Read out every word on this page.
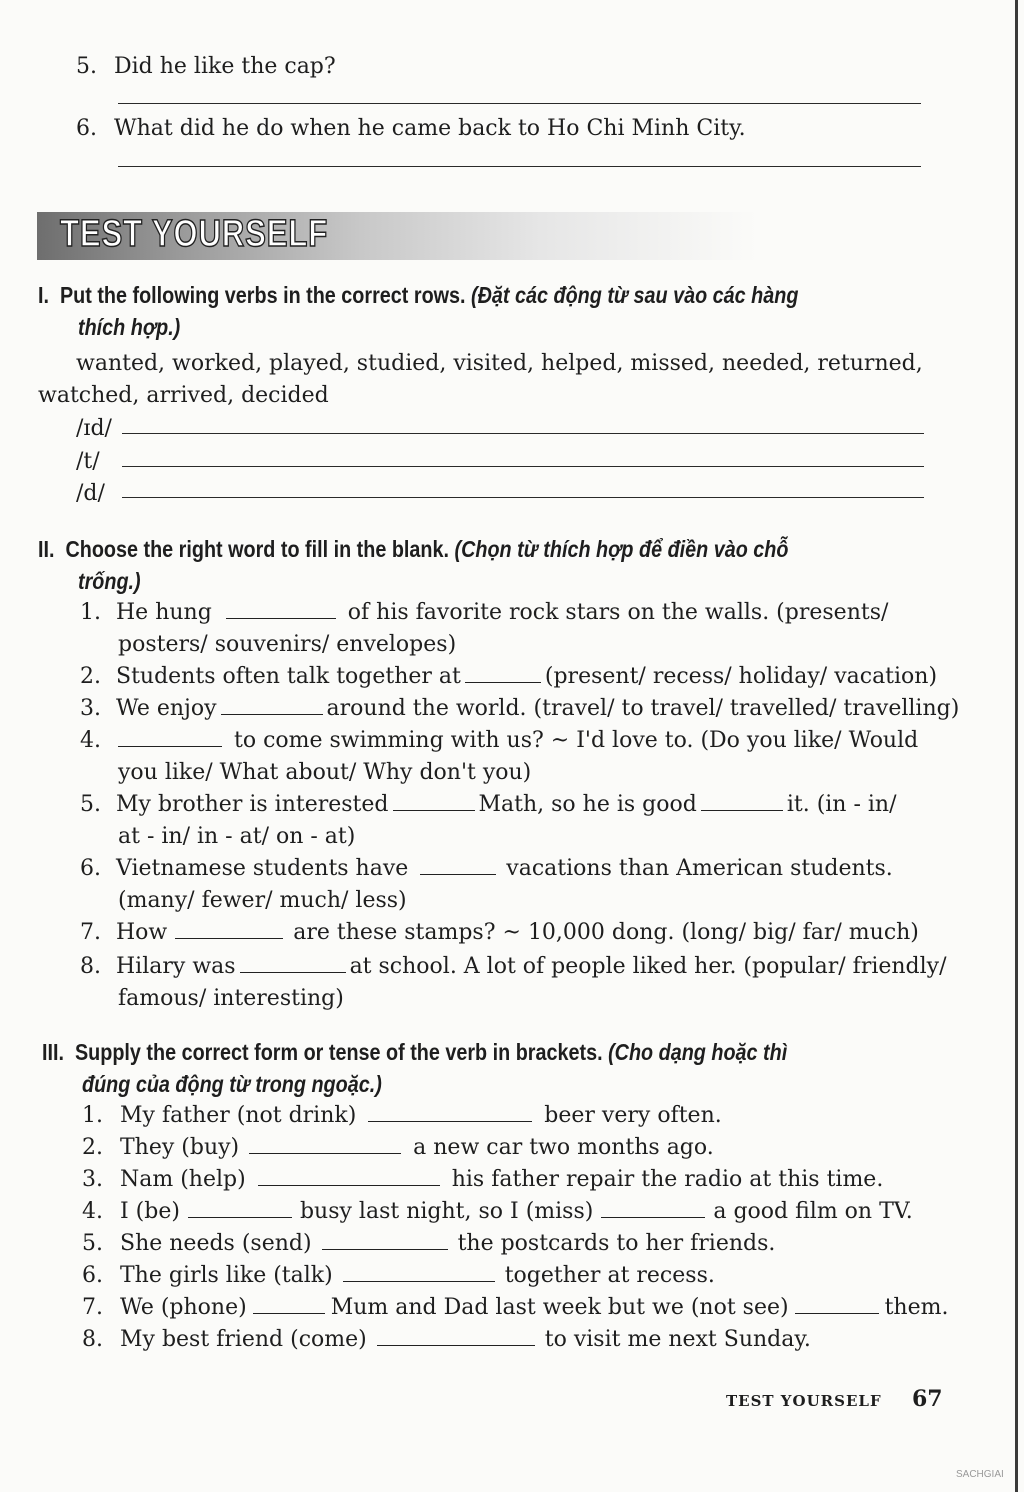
5. Did he like the cap?
6. What did he do when he came back to Ho Chi Minh City.
TEST YOURSELF
I. Put the following verbs in the correct rows. (Đặt các động từ sau vào các hàng
thích hợp.)
wanted, worked, played, studied, visited, helped, missed, needed, returned,
watched, arrived, decided
/ɪd/
/t/
/d/
II. Choose the right word to fill in the blank. (Chọn từ thích hợp để điền vào chỗ
trống.)
1. He hung	of his favorite rock stars on the walls. (presents/
posters/ souvenirs/ envelopes)
2. Students often talk together at	(present/ recess/ holiday/ vacation)
3. We enjoy	around the world. (travel/ to travel/ travelled/ travelling)
4.	to come swimming with us? ~ I'd love to. (Do you like/ Would
you like/ What about/ Why don't you)
5. My brother is interested	Math, so he is good	it. (in - in/
at - in/ in - at/ on - at)
6. Vietnamese students have	vacations than American students.
(many/ fewer/ much/ less)
7. How	are these stamps? ~ 10,000 dong. (long/ big/ far/ much)
8. Hilary was	at school. A lot of people liked her. (popular/ friendly/
famous/ interesting)
III. Supply the correct form or tense of the verb in brackets. (Cho dạng hoặc thì
đúng của động từ trong ngoặc.)
1. My father (not drink)	beer very often.
2. They (buy)	a new car two months ago.
3. Nam (help)	his father repair the radio at this time.
4. I (be)	busy last night, so I (miss)	a good film on TV.
5. She needs (send)	the postcards to her friends.
6. The girls like (talk)	together at recess.
7. We (phone)	Mum and Dad last week but we (not see)	them.
8. My best friend (come)	to visit me next Sunday.
TEST YOURSELF 67
SACHGIAI
